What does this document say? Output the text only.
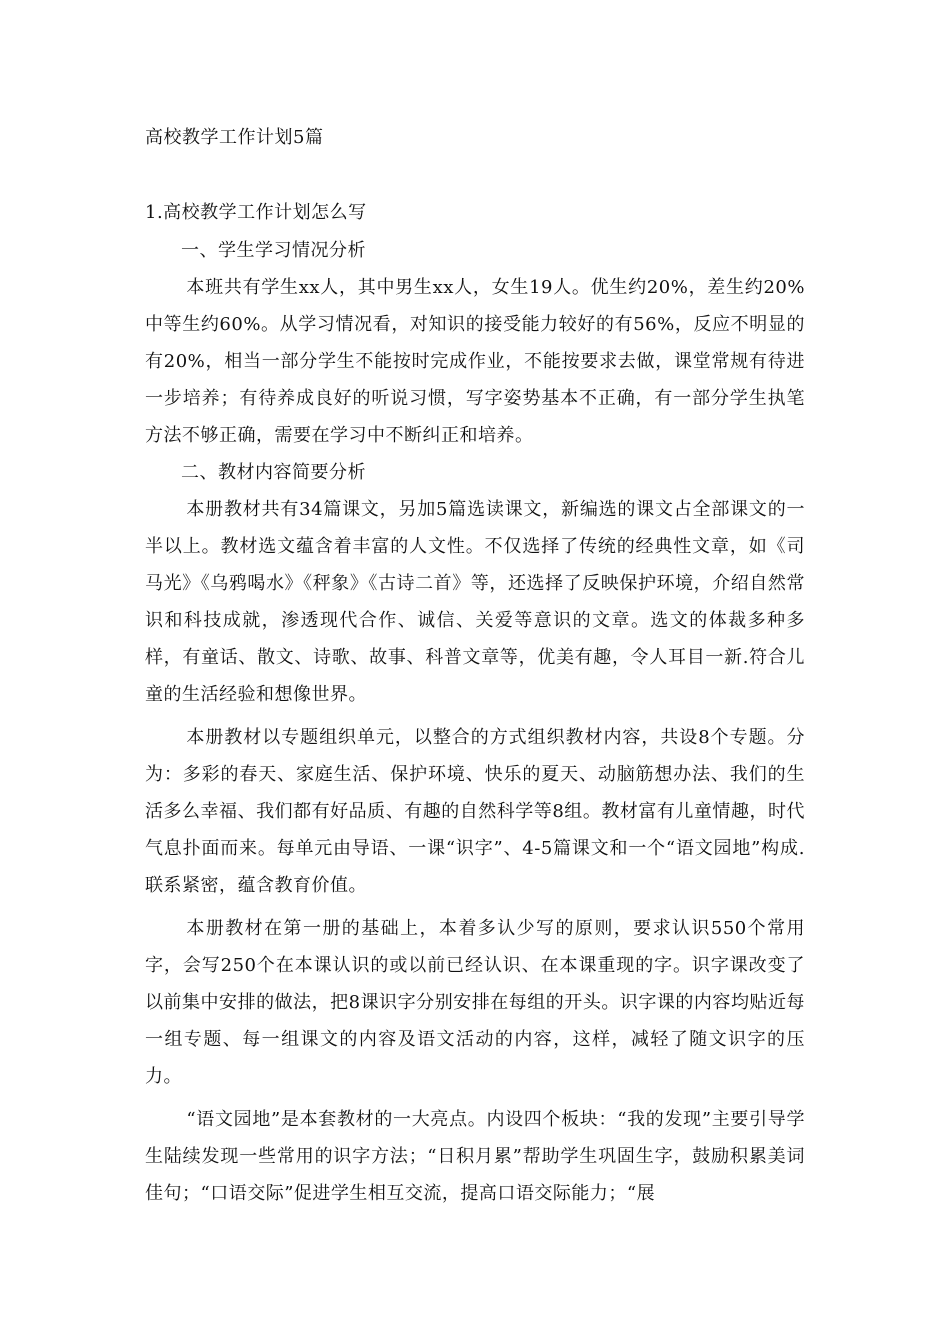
高校教学工作计划5篇
1.高校教学工作计划怎么写

一、学生学习情况分析

本班共有学生xx人，其中男生xx人，女生19人。优生约20%，差生约20%中等生约60%。从学习情况看，对知识的接受能力较好的有56%，反应不明显的有20%，相当一部分学生不能按时完成作业，不能按要求去做，课堂常规有待进一步培养；有待养成良好的听说习惯，写字姿势基本不正确，有一部分学生执笔方法不够正确，需要在学习中不断纠正和培养。

二、教材内容简要分析

本册教材共有34篇课文，另加5篇选读课文，新编选的课文占全部课文的一半以上。教材选文蕴含着丰富的人文性。不仅选择了传统的经典性文章，如《司马光》《乌鸦喝水》《秤象》《古诗二首》等，还选择了反映保护环境，介绍自然常识和科技成就，渗透现代合作、诚信、关爱等意识的文章。选文的体裁多种多样，有童话、散文、诗歌、故事、科普文章等，优美有趣，令人耳目一新.符合儿童的生活经验和想像世界。

本册教材以专题组织单元，以整合的方式组织教材内容，共设8个专题。分为：多彩的春天、家庭生活、保护环境、快乐的夏天、动脑筋想办法、我们的生活多么幸福、我们都有好品质、有趣的自然科学等8组。教材富有儿童情趣，时代气息扑面而来。每单元由导语、一课“识字”、4-5篇课文和一个“语文园地”构成.联系紧密，蕴含教育价值。

本册教材在第一册的基础上，本着多认少写的原则，要求认识550个常用字，会写250个在本课认识的或以前已经认识、在本课重现的字。识字课改变了以前集中安排的做法，把8课识字分别安排在每组的开头。识字课的内容均贴近每一组专题、每一组课文的内容及语文活动的内容，这样，减轻了随文识字的压力。

“语文园地”是本套教材的一大亮点。内设四个板块：“我的发现”主要引导学生陆续发现一些常用的识字方法；“日积月累”帮助学生巩固生字，鼓励积累美词佳句；“口语交际”促进学生相互交流，提高口语交际能力；“展
